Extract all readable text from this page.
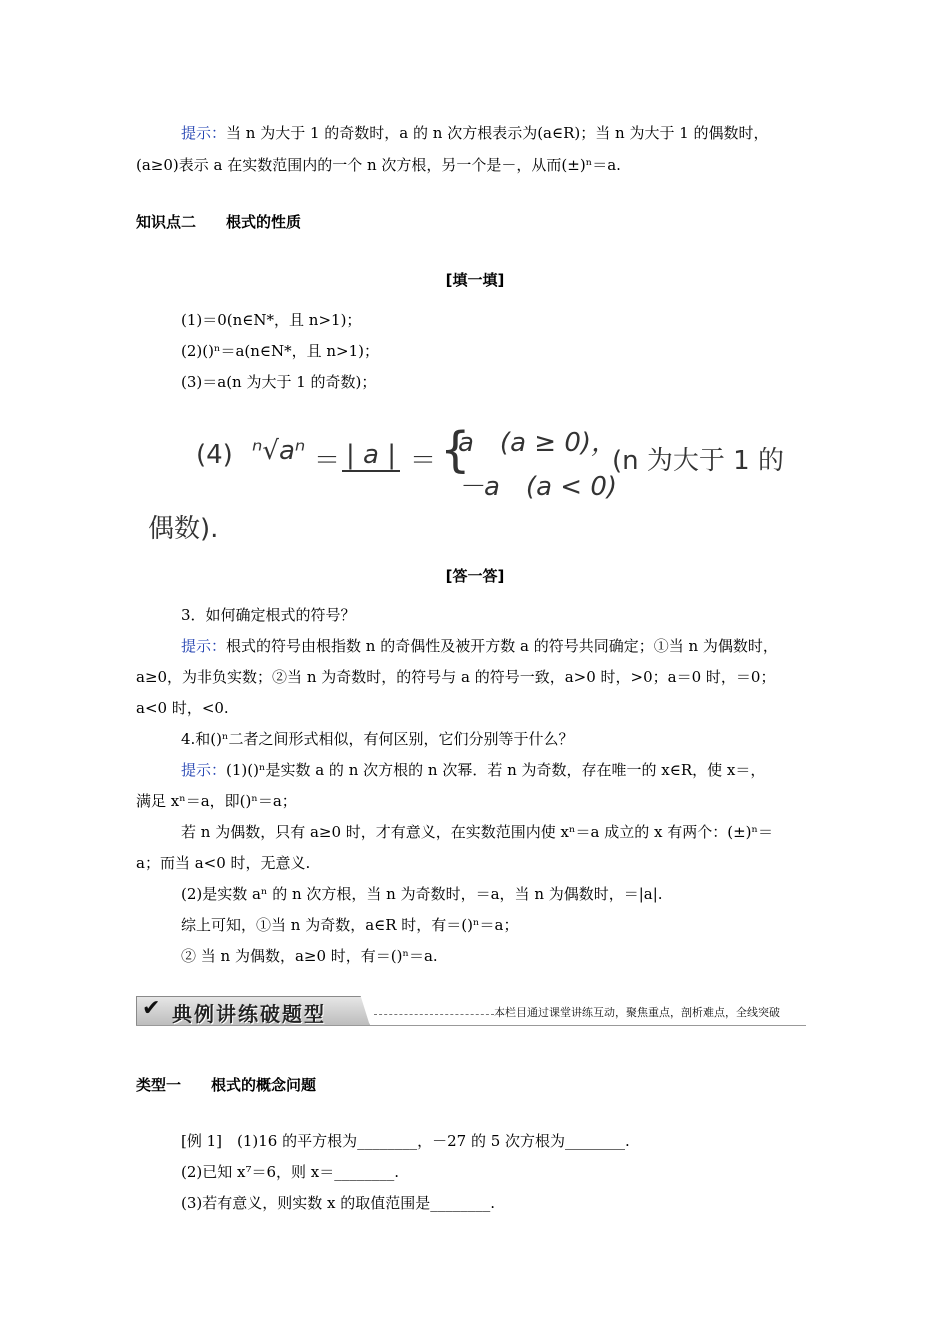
提示：当 n 为大于 1 的奇数时，a 的 n 次方根表示为(a∈R)；当 n 为大于 1 的偶数时，
(a≥0)表示 a 在实数范围内的一个 n 次方根，另一个是－，从而(±)ⁿ＝a.
知识点二　　根式的性质
[填一填]
(1)＝0(n∈N*，且 n>1)；
(2)()ⁿ＝a(n∈N*，且 n>1)；
(3)＝a(n 为大于 1 的奇数)；
(4) ⁿ√aⁿ ＝ | a | ＝ {
a　(a ≥ 0)，
－a　(a < 0)
(n 为大于 1 的
偶数).
[答一答]
3．如何确定根式的符号？
提示：根式的符号由根指数 n 的奇偶性及被开方数 a 的符号共同确定；①当 n 为偶数时，
a≥0，为非负实数；②当 n 为奇数时，的符号与 a 的符号一致，a>0 时，>0；a＝0 时，＝0；
a<0 时，<0.
4.和()ⁿ二者之间形式相似，有何区别，它们分别等于什么？
提示：(1)()ⁿ是实数 a 的 n 次方根的 n 次幂．若 n 为奇数，存在唯一的 x∈R，使 x＝，
满足 xⁿ＝a，即()ⁿ＝a；
若 n 为偶数，只有 a≥0 时，才有意义，在实数范围内使 xⁿ＝a 成立的 x 有两个：(±)ⁿ＝
a；而当 a<0 时，无意义.
(2)是实数 aⁿ 的 n 次方根，当 n 为奇数时，＝a，当 n 为偶数时，＝|a|.
综上可知，①当 n 为奇数，a∈R 时，有＝()ⁿ＝a；
② 当 n 为偶数，a≥0 时，有＝()ⁿ＝a.
✔ 典例讲练破题型	本栏目通过课堂讲练互动，聚焦重点，剖析难点，全线突破
类型一　　根式的概念问题
[例 1]　(1)16 的平方根为________，－27 的 5 次方根为________.
(2)已知 x⁷＝6，则 x＝________.
(3)若有意义，则实数 x 的取值范围是________.
